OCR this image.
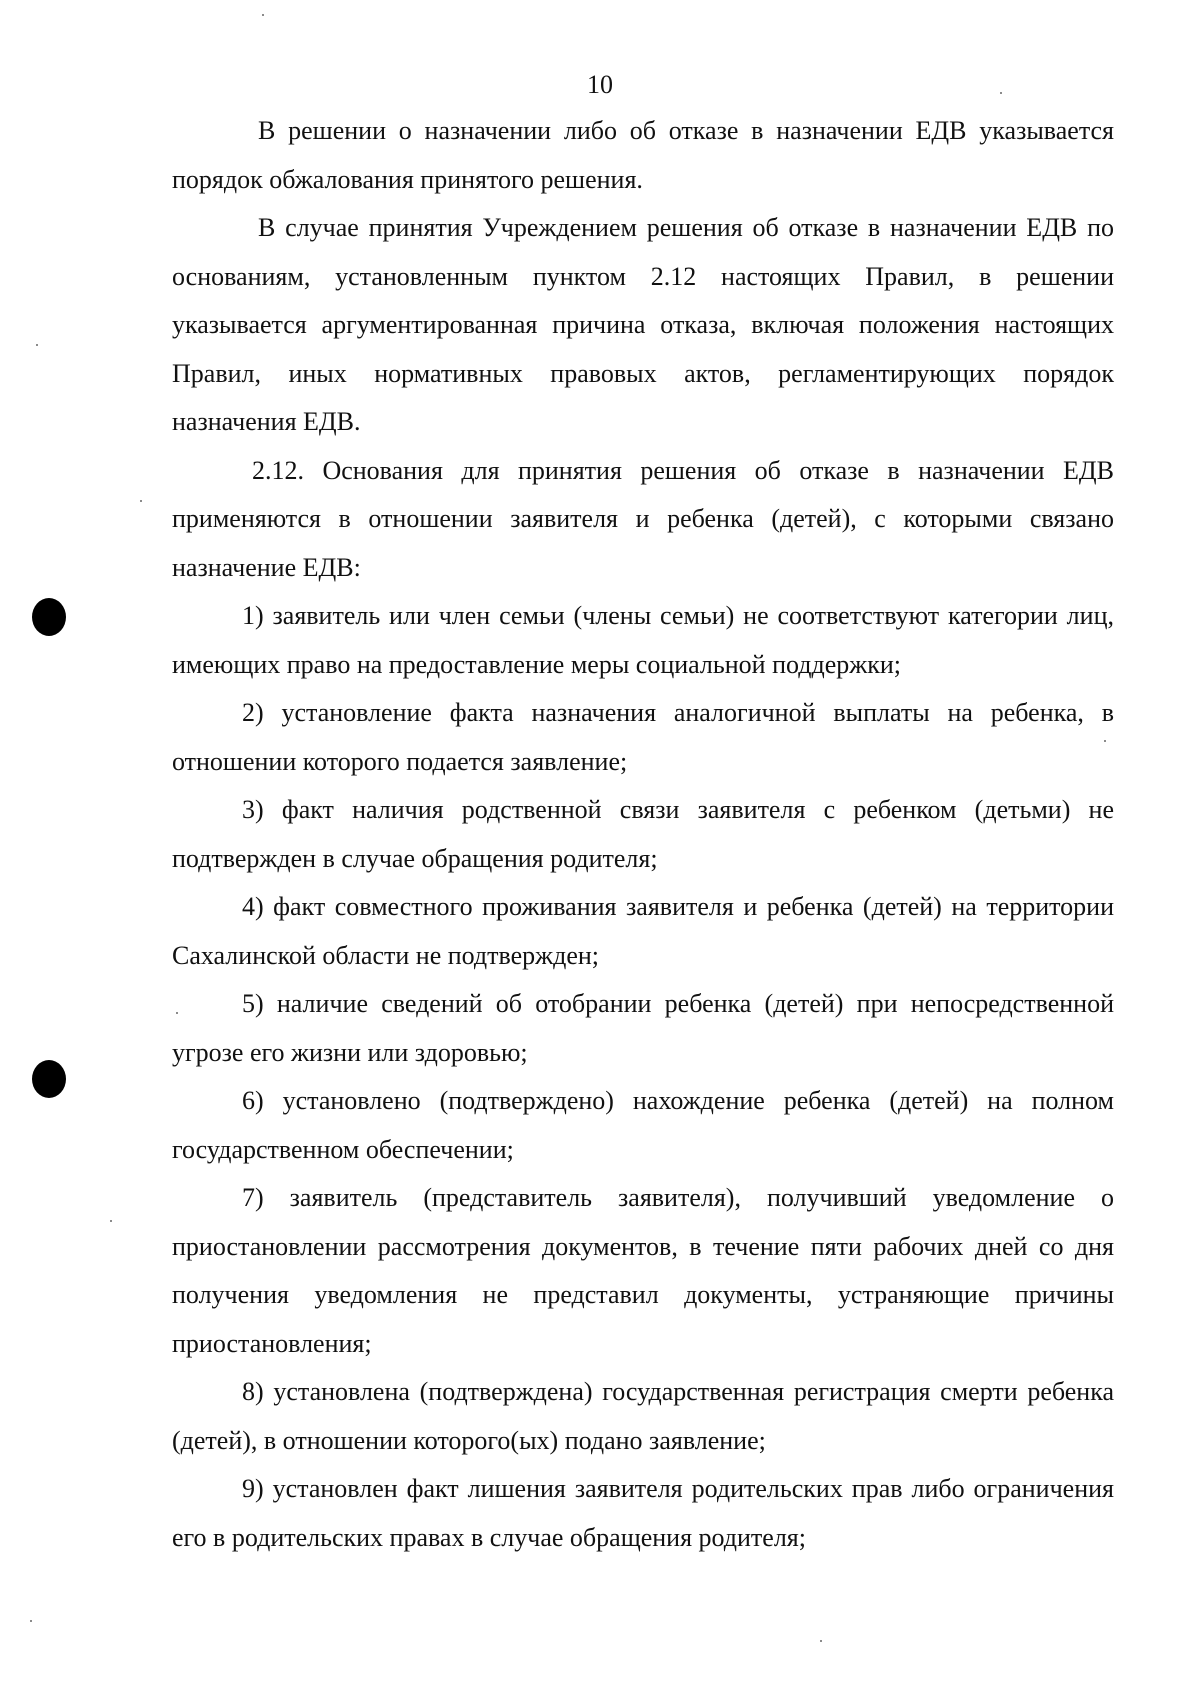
10

В решении о назначении либо об отказе в назначении ЕДВ указывается порядок обжалования принятого решения.

В случае принятия Учреждением решения об отказе в назначении ЕДВ по основаниям, установленным пунктом 2.12 настоящих Правил, в решении указывается аргументированная причина отказа, включая положения настоящих Правил, иных нормативных правовых актов, регламентирующих порядок назначения ЕДВ.

2.12. Основания для принятия решения об отказе в назначении ЕДВ применяются в отношении заявителя и ребенка (детей), с которыми связано назначение ЕДВ:

1) заявитель или член семьи (члены семьи) не соответствуют категории лиц, имеющих право на предоставление меры социальной поддержки;

2) установление факта назначения аналогичной выплаты на ребенка, в отношении которого подается заявление;

3) факт наличия родственной связи заявителя с ребенком (детьми) не подтвержден в случае обращения родителя;

4) факт совместного проживания заявителя и ребенка (детей) на территории Сахалинской области не подтвержден;

5) наличие сведений об отобрании ребенка (детей) при непосредственной угрозе его жизни или здоровью;

6) установлено (подтверждено) нахождение ребенка (детей) на полном государственном обеспечении;

7) заявитель (представитель заявителя), получивший уведомление о приостановлении рассмотрения документов, в течение пяти рабочих дней со дня получения уведомления не представил документы, устраняющие причины приостановления;

8) установлена (подтверждена) государственная регистрация смерти ребенка (детей), в отношении которого(ых) подано заявление;

9) установлен факт лишения заявителя родительских прав либо ограничения его в родительских правах в случае обращения родителя;
